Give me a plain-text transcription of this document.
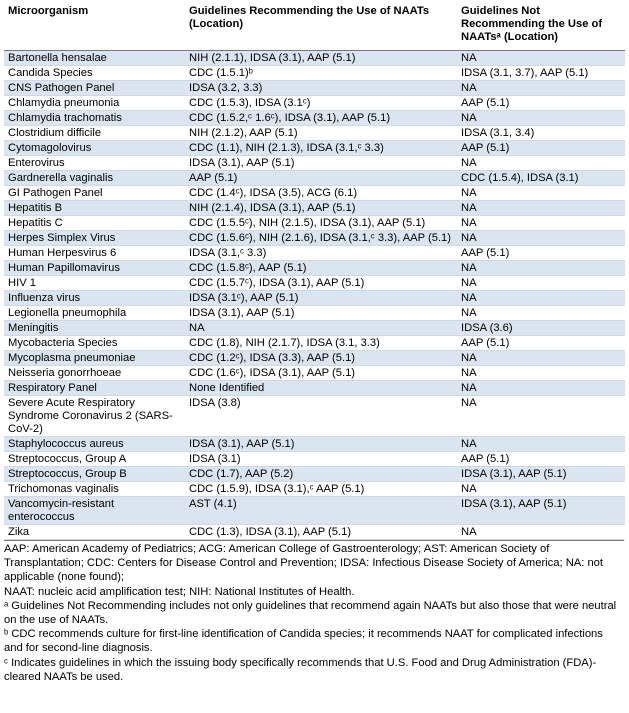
Microorganism	Guidelines Recommending the Use of NAATs (Location)	Guidelines Not Recommending the Use of NAATsᵃ (Location)
Bartonella hensalae	NIH (2.1.1), IDSA (3.1), AAP (5.1)	NA
Candida Species	CDC (1.5.1)ᵇ	IDSA (3.1, 3.7), AAP (5.1)
CNS Pathogen Panel	IDSA (3.2, 3.3)	NA
Chlamydia pneumonia	CDC (1.5.3), IDSA (3.1ᶜ)	AAP (5.1)
Chlamydia trachomatis	CDC (1.5.2,ᶜ 1.6ᶜ), IDSA (3.1), AAP (5.1)	NA
Clostridium difficile	NIH (2.1.2), AAP (5.1)	IDSA (3.1, 3.4)
Cytomagolovirus	CDC (1.1), NIH (2.1.3), IDSA (3.1,ᶜ 3.3)	AAP (5.1)
Enterovirus	IDSA (3.1), AAP (5.1)	NA
Gardnerella vaginalis	AAP (5.1)	CDC (1.5.4), IDSA (3.1)
GI Pathogen Panel	CDC (1.4ᶜ), IDSA (3.5), ACG (6.1)	NA
Hepatitis B	NIH (2.1.4), IDSA (3.1), AAP (5.1)	NA
Hepatitis C	CDC (1.5.5ᶜ), NIH (2.1.5), IDSA (3.1), AAP (5.1)	NA
Herpes Simplex Virus	CDC (1.5.6ᶜ), NIH (2.1.6), IDSA (3.1,ᶜ 3.3), AAP (5.1)	NA
Human Herpesvirus 6	IDSA (3.1,ᶜ 3.3)	AAP (5.1)
Human Papillomavirus	CDC (1.5.8ᶜ), AAP (5.1)	NA
HIV 1	CDC (1.5.7ᶜ), IDSA (3.1), AAP (5.1)	NA
Influenza virus	IDSA (3.1ᶜ), AAP (5.1)	NA
Legionella pneumophila	IDSA (3.1), AAP (5.1)	NA
Meningitis	NA	IDSA (3.6)
Mycobacteria Species	CDC (1.8), NIH (2.1.7), IDSA (3.1, 3.3)	AAP (5.1)
Mycoplasma pneumoniae	CDC (1.2ᶜ), IDSA (3.3), AAP (5.1)	NA
Neisseria gonorrhoeae	CDC (1.6ᶜ), IDSA (3.1), AAP (5.1)	NA
Respiratory Panel	None Identified	NA
Severe Acute Respiratory Syndrome Coronavirus 2 (SARS-CoV-2)	IDSA (3.8)	NA
Staphylococcus aureus	IDSA (3.1), AAP (5.1)	NA
Streptococcus, Group A	IDSA (3.1)	AAP (5.1)
Streptococcus, Group B	CDC (1.7), AAP (5.2)	IDSA (3.1), AAP (5.1)
Trichomonas vaginalis	CDC (1.5.9), IDSA (3.1),ᶜ AAP (5.1)	NA
Vancomycin-resistant enterococcus	AST (4.1)	IDSA (3.1), AAP (5.1)
Zika	CDC (1.3), IDSA (3.1), AAP (5.1)	NA

AAP: American Academy of Pediatrics; ACG: American College of Gastroenterology; AST: American Society of Transplantation; CDC: Centers for Disease Control and Prevention; IDSA: Infectious Disease Society of America; NA: not applicable (none found);

NAAT: nucleic acid amplification test; NIH: National Institutes of Health.

ᵃ Guidelines Not Recommending includes not only guidelines that recommend again NAATs but also those that were neutral on the use of NAATs.

ᵇ CDC recommends culture for first-line identification of Candida species; it recommends NAAT for complicated infections and for second-line diagnosis.

ᶜ Indicates guidelines in which the issuing body specifically recommends that U.S. Food and Drug Administration (FDA)-cleared NAATs be used.
